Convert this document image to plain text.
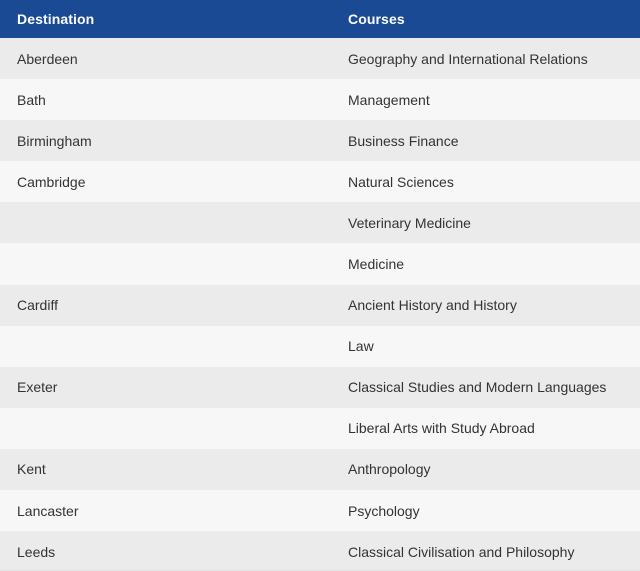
Destination	Courses
Aberdeen	Geography and International Relations
Bath	Management
Birmingham	Business Finance
Cambridge	Natural Sciences
	Veterinary Medicine
	Medicine
Cardiff	Ancient History and History
	Law
Exeter	Classical Studies and Modern Languages
	Liberal Arts with Study Abroad
Kent	Anthropology
Lancaster	Psychology
Leeds	Classical Civilisation and Philosophy
